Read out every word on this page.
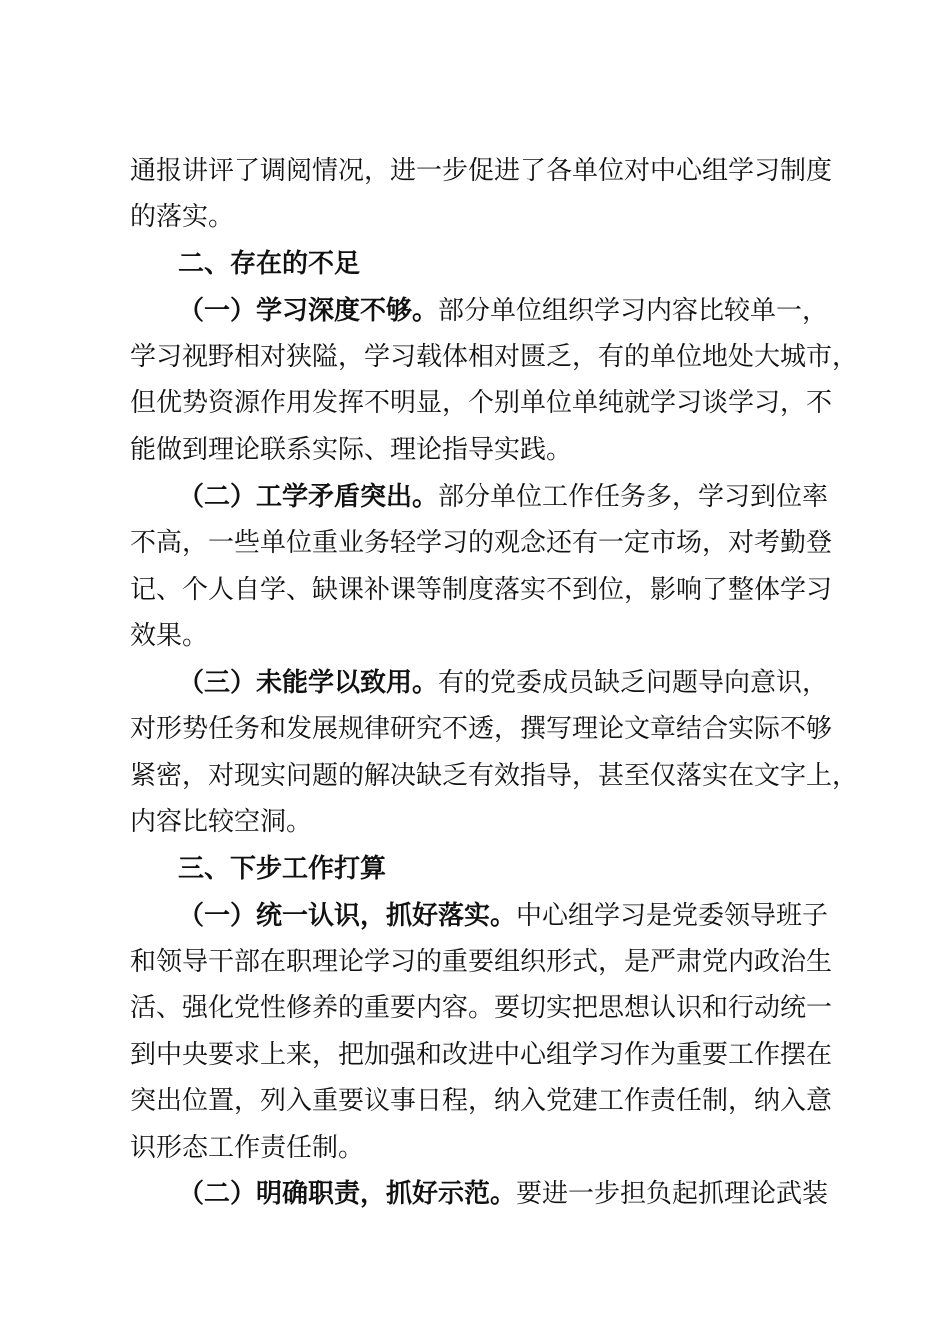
通报讲评了调阅情况，进一步促进了各单位对中心组学习制度
的落实。
二、存在的不足
（一）学习深度不够。部分单位组织学习内容比较单一，
学习视野相对狭隘，学习载体相对匮乏，有的单位地处大城市，
但优势资源作用发挥不明显，个别单位单纯就学习谈学习，不
能做到理论联系实际、理论指导实践。
（二）工学矛盾突出。部分单位工作任务多，学习到位率
不高，一些单位重业务轻学习的观念还有一定市场，对考勤登
记、个人自学、缺课补课等制度落实不到位，影响了整体学习
效果。
（三）未能学以致用。有的党委成员缺乏问题导向意识，
对形势任务和发展规律研究不透，撰写理论文章结合实际不够
紧密，对现实问题的解决缺乏有效指导，甚至仅落实在文字上，
内容比较空洞。
三、下步工作打算
（一）统一认识，抓好落实。中心组学习是党委领导班子
和领导干部在职理论学习的重要组织形式，是严肃党内政治生
活、强化党性修养的重要内容。要切实把思想认识和行动统一
到中央要求上来，把加强和改进中心组学习作为重要工作摆在
突出位置，列入重要议事日程，纳入党建工作责任制，纳入意
识形态工作责任制。
（二）明确职责，抓好示范。要进一步担负起抓理论武装
